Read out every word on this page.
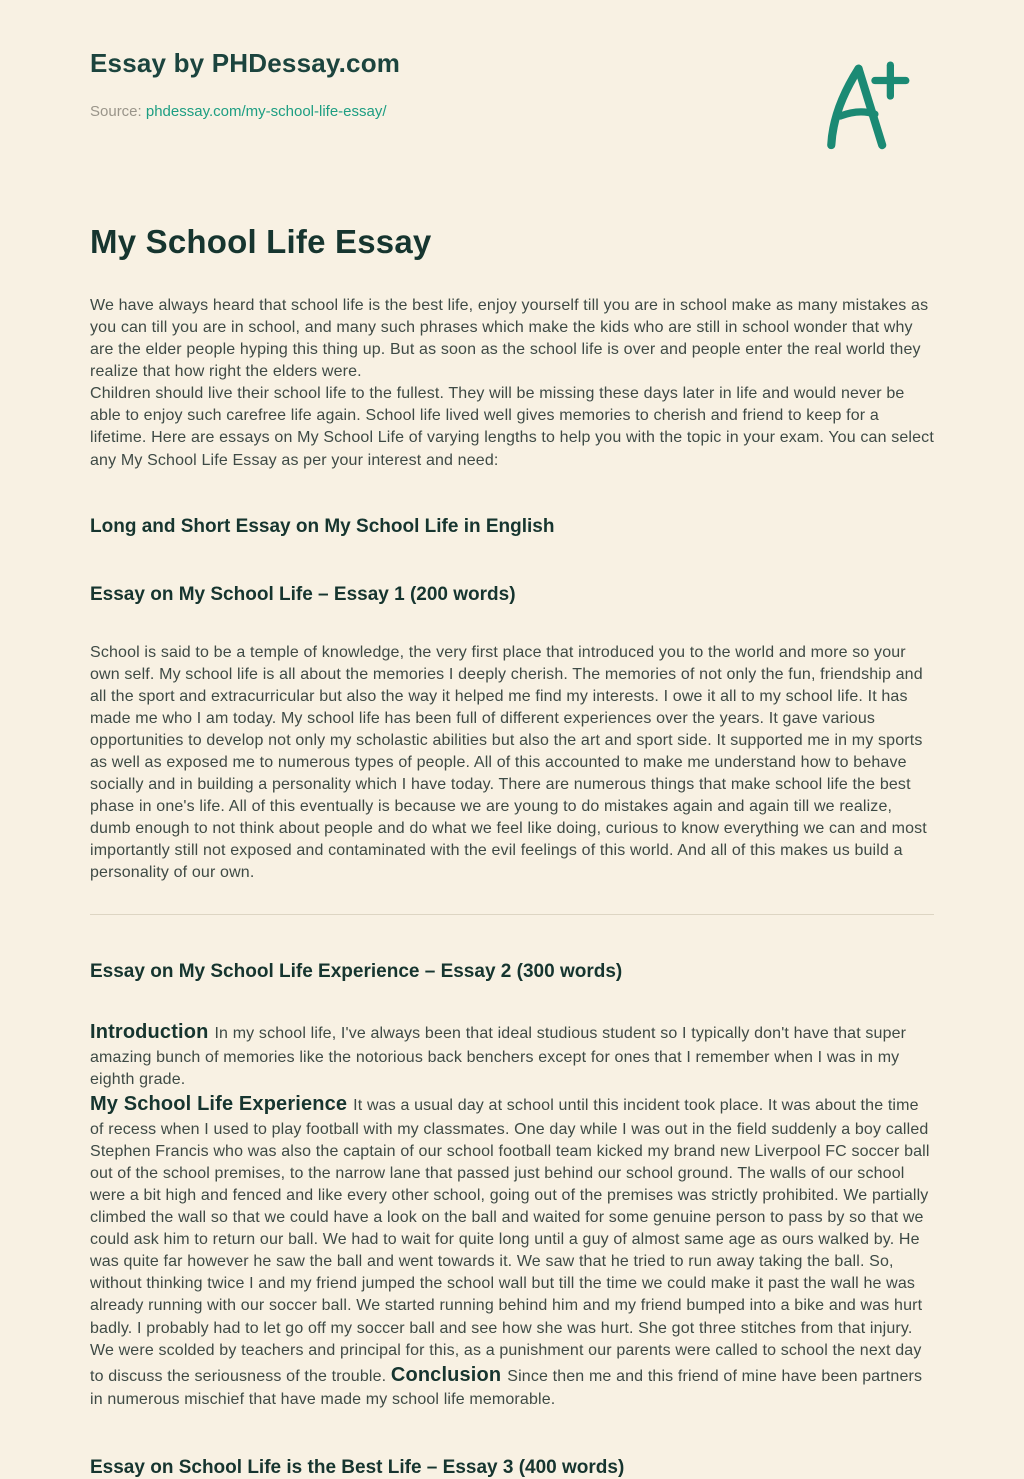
Essay by PHDessay.com
Source: phdessay.com/my-school-life-essay/
My School Life Essay

We have always heard that school life is the best life, enjoy yourself till you are in school make as many mistakes as you can till you are in school, and many such phrases which make the kids who are still in school wonder that why are the elder people hyping this thing up. But as soon as the school life is over and people enter the real world they realize that how right the elders were.

Children should live their school life to the fullest. They will be missing these days later in life and would never be able to enjoy such carefree life again. School life lived well gives memories to cherish and friend to keep for a lifetime. Here are essays on My School Life of varying lengths to help you with the topic in your exam. You can select any My School Life Essay as per your interest and need:

Long and Short Essay on My School Life in English
Essay on My School Life – Essay 1 (200 words)

School is said to be a temple of knowledge, the very first place that introduced you to the world and more so your own self. My school life is all about the memories I deeply cherish. The memories of not only the fun, friendship and all the sport and extracurricular but also the way it helped me find my interests. I owe it all to my school life. It has made me who I am today. My school life has been full of different experiences over the years. It gave various opportunities to develop not only my scholastic abilities but also the art and sport side. It supported me in my sports as well as exposed me to numerous types of people. All of this accounted to make me understand how to behave socially and in building a personality which I have today. There are numerous things that make school life the best phase in one's life. All of this eventually is because we are young to do mistakes again and again till we realize, dumb enough to not think about people and do what we feel like doing, curious to know everything we can and most importantly still not exposed and contaminated with the evil feelings of this world. And all of this makes us build a personality of our own.

Essay on My School Life Experience – Essay 2 (300 words)

Introduction In my school life, I've always been that ideal studious student so I typically don't have that super amazing bunch of memories like the notorious back benchers except for ones that I remember when I was in my eighth grade.

My School Life Experience It was a usual day at school until this incident took place. It was about the time of recess when I used to play football with my classmates. One day while I was out in the field suddenly a boy called Stephen Francis who was also the captain of our school football team kicked my brand new Liverpool FC soccer ball out of the school premises, to the narrow lane that passed just behind our school ground. The walls of our school were a bit high and fenced and like every other school, going out of the premises was strictly prohibited. We partially climbed the wall so that we could have a look on the ball and waited for some genuine person to pass by so that we could ask him to return our ball. We had to wait for quite long until a guy of almost same age as ours walked by. He was quite far however he saw the ball and went towards it. We saw that he tried to run away taking the ball. So, without thinking twice I and my friend jumped the school wall but till the time we could make it past the wall he was already running with our soccer ball. We started running behind him and my friend bumped into a bike and was hurt badly. I probably had to let go off my soccer ball and see how she was hurt. She got three stitches from that injury. We were scolded by teachers and principal for this, as a punishment our parents were called to school the next day to discuss the seriousness of the trouble. Conclusion Since then me and this friend of mine have been partners in numerous mischief that have made my school life memorable.

Essay on School Life is the Best Life – Essay 3 (400 words)
